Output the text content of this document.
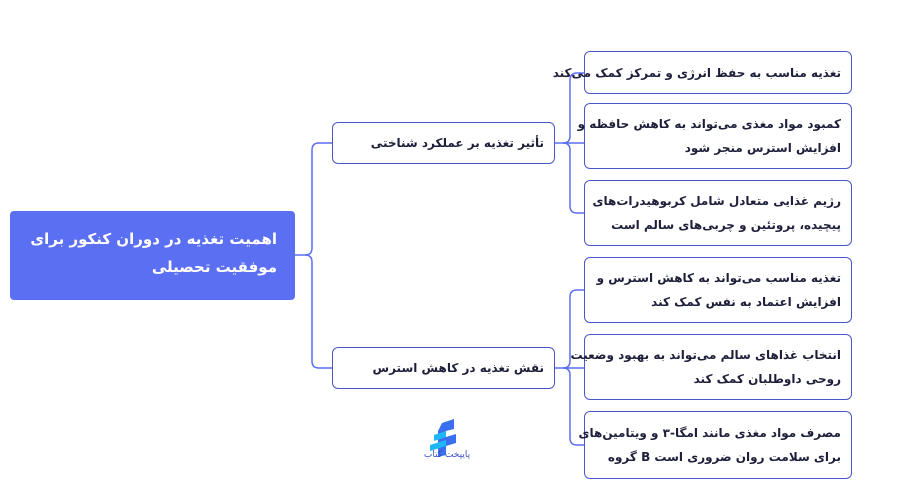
اهمیت تغذیه در دوران کنکور برای
موفقیت تحصیلی
تأثیر تغذیه بر عملکرد شناختی
نقش تغذیه در کاهش استرس
تغذیه مناسب به حفظ انرژی و تمرکز کمک می‌کند
کمبود مواد مغذی می‌تواند به کاهش حافظه و
افزایش استرس منجر شود
رژیم غذایی متعادل شامل کربوهیدرات‌های
پیچیده، پروتئین و چربی‌های سالم است
تغذیه مناسب می‌تواند به کاهش استرس و
افزایش اعتماد به نفس کمک کند
انتخاب غذاهای سالم می‌تواند به بهبود وضعیت
روحی داوطلبان کمک کند
مصرف مواد مغذی مانند امگا-۳ و ویتامین‌های
برای سلامت روان ضروری است B گروه
پایپخت کتاب
